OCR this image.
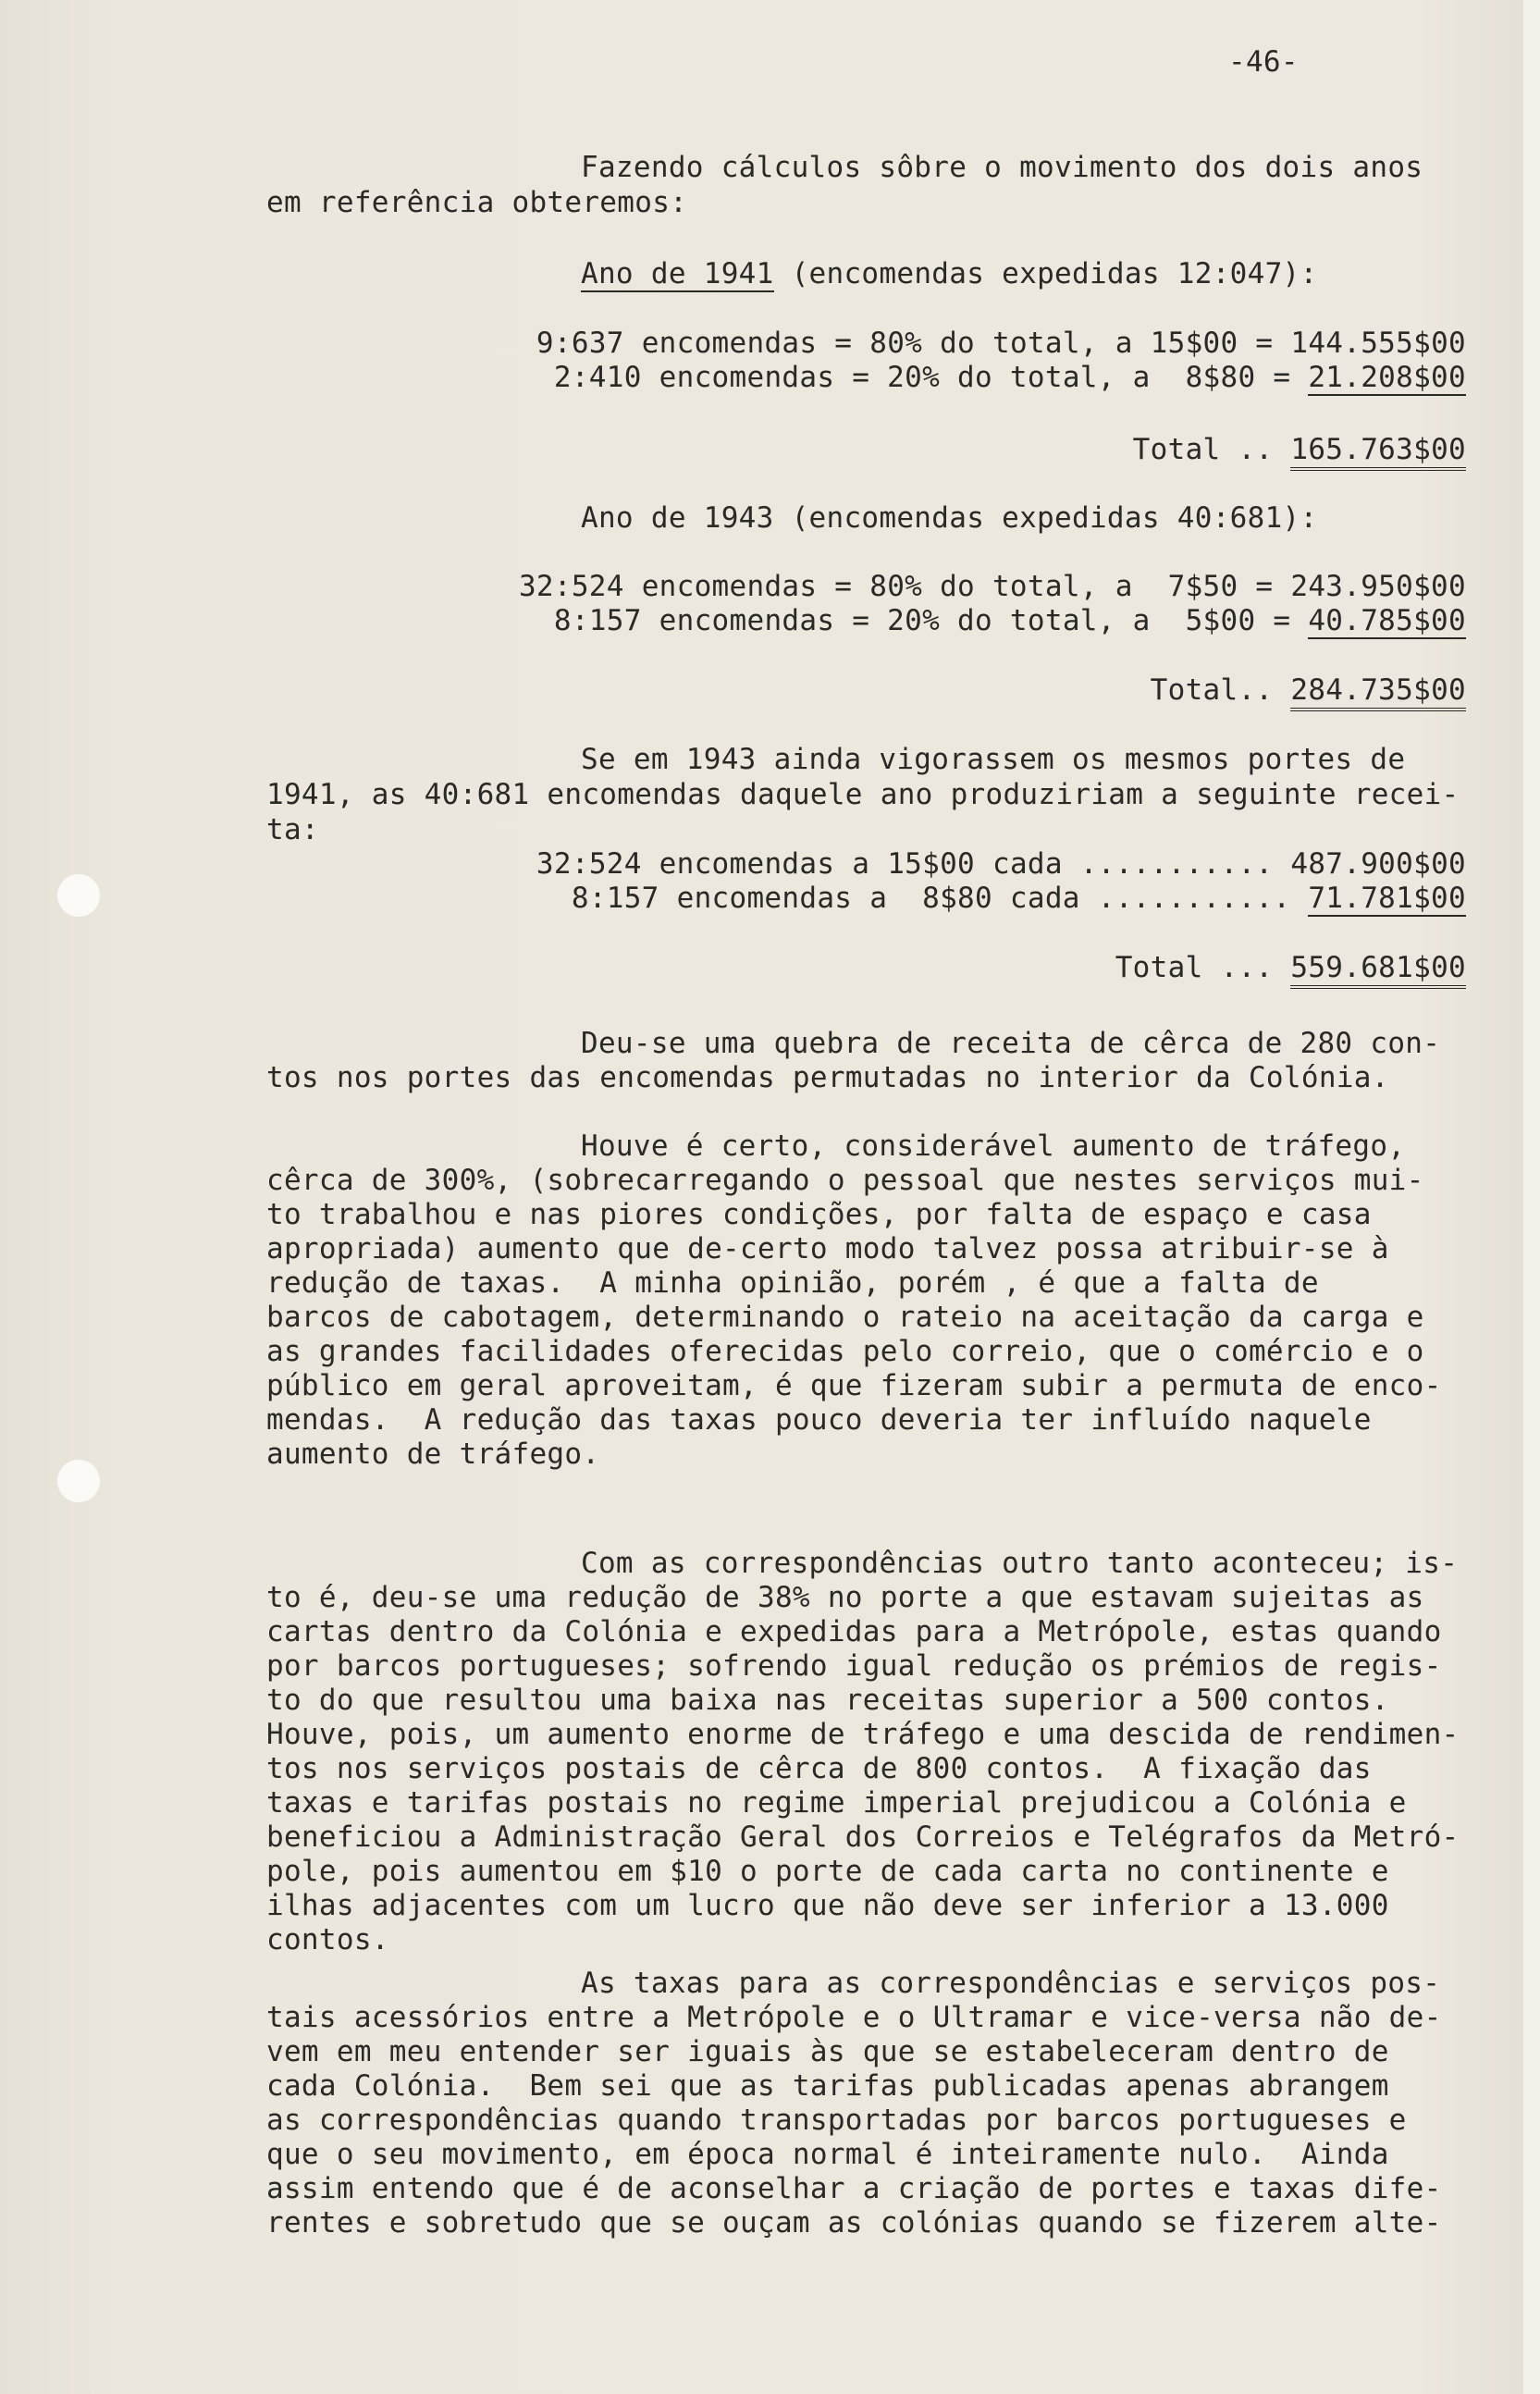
-46-
Fazendo cálculos sôbre o movimento dos dois anos
em referência obteremos:
Ano de 1941 (encomendas expedidas 12:047):
9:637 encomendas = 80% do total, a 15$00 = 144.555$00
2:410 encomendas = 20% do total, a  8$80 = 21.208$00
Total .. 165.763$00
Ano de 1943 (encomendas expedidas 40:681):
32:524 encomendas = 80% do total, a  7$50 = 243.950$00
8:157 encomendas = 20% do total, a  5$00 = 40.785$00
Total.. 284.735$00
Se em 1943 ainda vigorassem os mesmos portes de
1941, as 40:681 encomendas daquele ano produziriam a seguinte recei-
ta:
32:524 encomendas a 15$00 cada ........... 487.900$00
8:157 encomendas a  8$80 cada ........... 71.781$00
Total ... 559.681$00
Deu-se uma quebra de receita de cêrca de 280 con-
tos nos portes das encomendas permutadas no interior da Colónia.
Houve é certo, considerável aumento de tráfego,
cêrca de 300%, (sobrecarregando o pessoal que nestes serviços mui-
to trabalhou e nas piores condições, por falta de espaço e casa
apropriada) aumento que de-certo modo talvez possa atribuir-se à
redução de taxas.  A minha opinião, porém , é que a falta de
barcos de cabotagem, determinando o rateio na aceitação da carga e
as grandes facilidades oferecidas pelo correio, que o comércio e o
público em geral aproveitam, é que fizeram subir a permuta de enco-
mendas.  A redução das taxas pouco deveria ter influído naquele
aumento de tráfego.
Com as correspondências outro tanto aconteceu; is-
to é, deu-se uma redução de 38% no porte a que estavam sujeitas as
cartas dentro da Colónia e expedidas para a Metrópole, estas quando
por barcos portugueses; sofrendo igual redução os prémios de regis-
to do que resultou uma baixa nas receitas superior a 500 contos.
Houve, pois, um aumento enorme de tráfego e uma descida de rendimen-
tos nos serviços postais de cêrca de 800 contos.  A fixação das
taxas e tarifas postais no regime imperial prejudicou a Colónia e
beneficiou a Administração Geral dos Correios e Telégrafos da Metró-
pole, pois aumentou em $10 o porte de cada carta no continente e
ilhas adjacentes com um lucro que não deve ser inferior a 13.000
contos.
As taxas para as correspondências e serviços pos-
tais acessórios entre a Metrópole e o Ultramar e vice-versa não de-
vem em meu entender ser iguais às que se estabeleceram dentro de
cada Colónia.  Bem sei que as tarifas publicadas apenas abrangem
as correspondências quando transportadas por barcos portugueses e
que o seu movimento, em época normal é inteiramente nulo.  Ainda
assim entendo que é de aconselhar a criação de portes e taxas dife-
rentes e sobretudo que se ouçam as colónias quando se fizerem alte-
